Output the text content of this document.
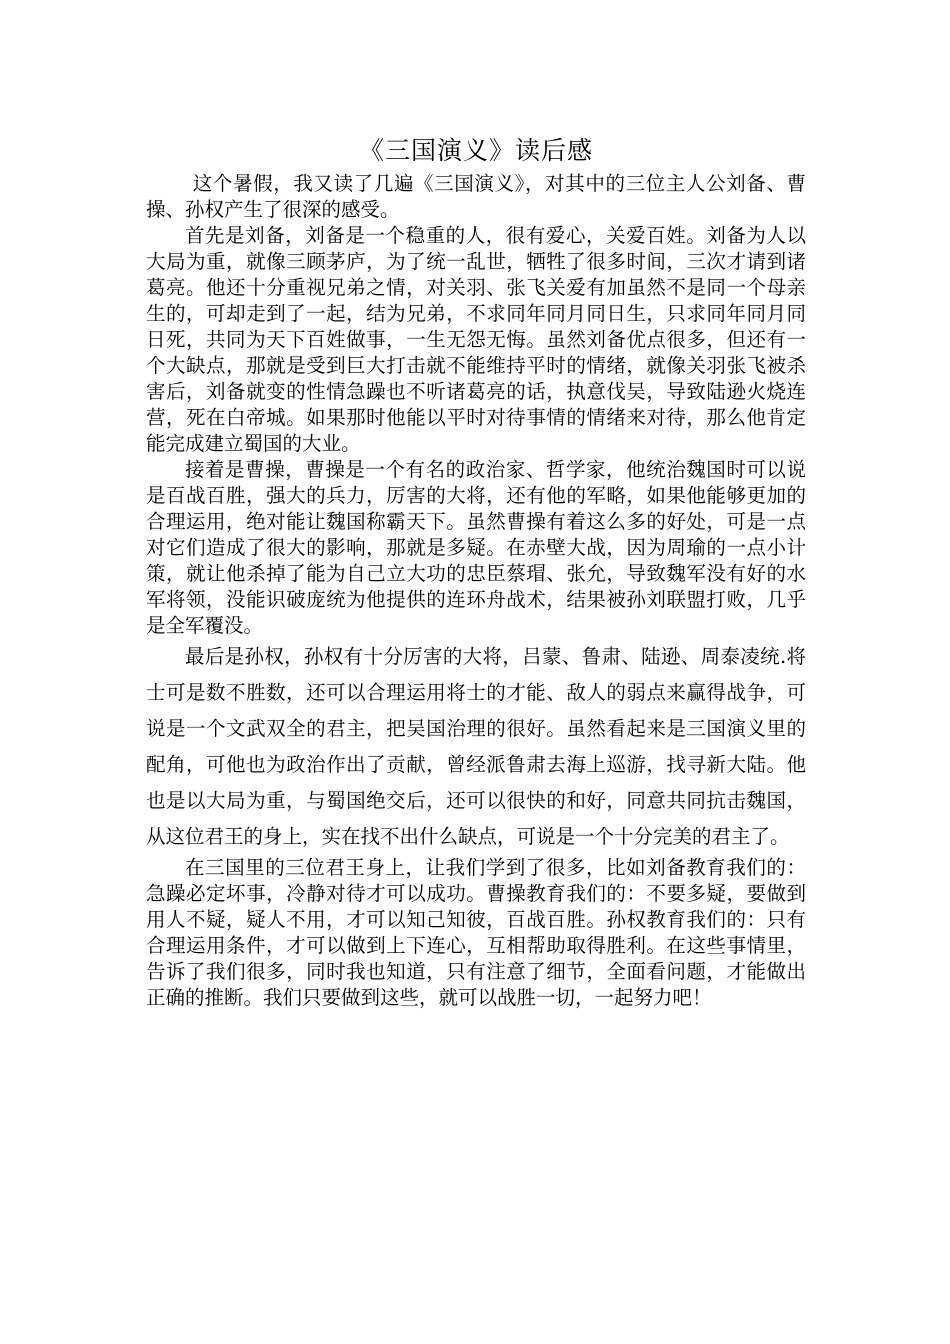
《三国演义》读后感

这个暑假，我又读了几遍《三国演义》，对其中的三位主人公刘备、曹操、孙权产生了很深的感受。

首先是刘备，刘备是一个稳重的人，很有爱心，关爱百姓。刘备为人以大局为重，就像三顾茅庐，为了统一乱世，牺牲了很多时间，三次才请到诸葛亮。他还十分重视兄弟之情，对关羽、张飞关爱有加虽然不是同一个母亲生的，可却走到了一起，结为兄弟，不求同年同月同日生，只求同年同月同日死，共同为天下百姓做事，一生无怨无悔。虽然刘备优点很多，但还有一个大缺点，那就是受到巨大打击就不能维持平时的情绪，就像关羽张飞被杀害后，刘备就变的性情急躁也不听诸葛亮的话，执意伐吴，导致陆逊火烧连营，死在白帝城。如果那时他能以平时对待事情的情绪来对待，那么他肯定能完成建立蜀国的大业。

接着是曹操，曹操是一个有名的政治家、哲学家，他统治魏国时可以说是百战百胜，强大的兵力，厉害的大将，还有他的军略，如果他能够更加的合理运用，绝对能让魏国称霸天下。虽然曹操有着这么多的好处，可是一点对它们造成了很大的影响，那就是多疑。在赤壁大战，因为周瑜的一点小计策，就让他杀掉了能为自己立大功的忠臣蔡瑁、张允，导致魏军没有好的水军将领，没能识破庞统为他提供的连环舟战术，结果被孙刘联盟打败，几乎是全军覆没。

最后是孙权，孙权有十分厉害的大将，吕蒙、鲁肃、陆逊、周泰凌统.将士可是数不胜数，还可以合理运用将士的才能、敌人的弱点来赢得战争，可说是一个文武双全的君主，把吴国治理的很好。虽然看起来是三国演义里的配角，可他也为政治作出了贡献，曾经派鲁肃去海上巡游，找寻新大陆。他也是以大局为重，与蜀国绝交后，还可以很快的和好，同意共同抗击魏国，从这位君王的身上，实在找不出什么缺点，可说是一个十分完美的君主了。

在三国里的三位君王身上，让我们学到了很多，比如刘备教育我们的：急躁必定坏事，冷静对待才可以成功。曹操教育我们的：不要多疑，要做到用人不疑，疑人不用，才可以知己知彼，百战百胜。孙权教育我们的：只有合理运用条件，才可以做到上下连心，互相帮助取得胜利。在这些事情里，告诉了我们很多，同时我也知道，只有注意了细节，全面看问题，才能做出正确的推断。我们只要做到这些，就可以战胜一切，一起努力吧！
